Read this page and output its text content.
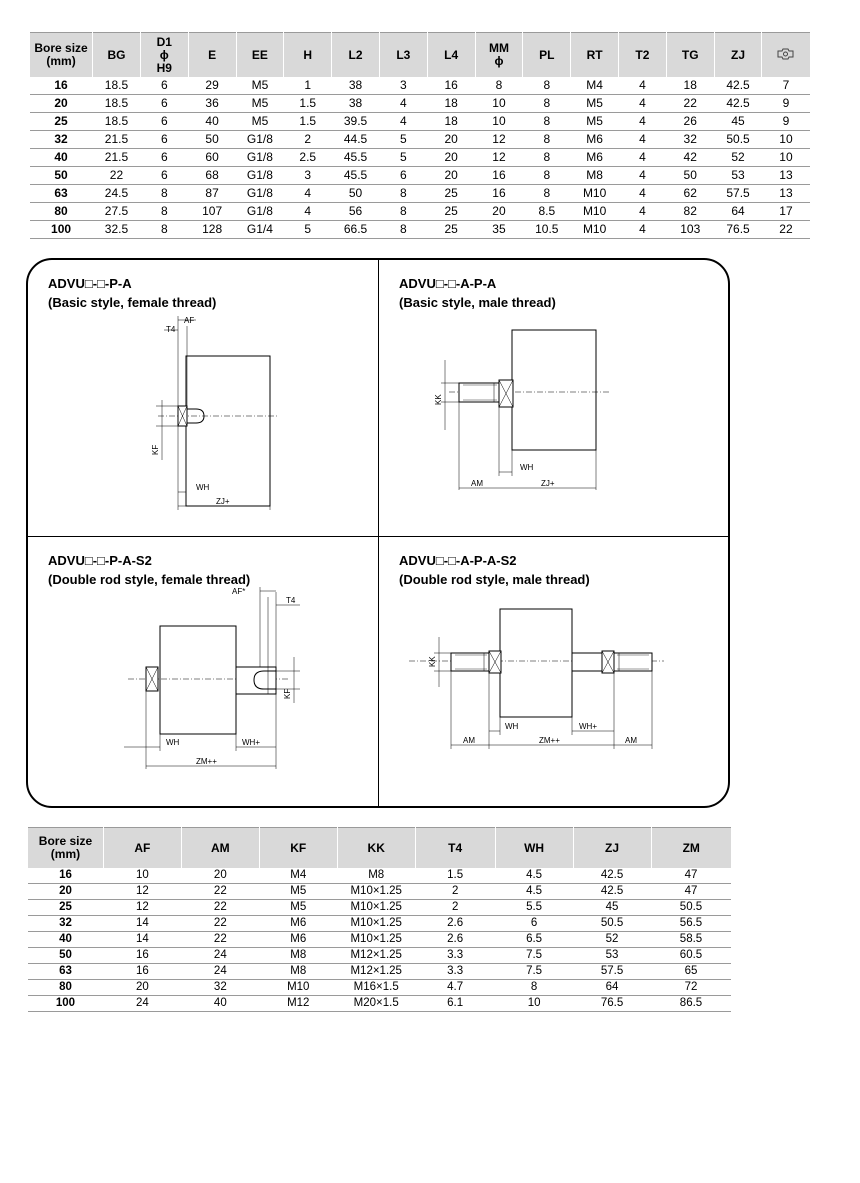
Bore size
(mm)	BG	D1
ϕ
H9	E	EE	H	L2	L3	L4	MM
ϕ	PL	RT	T2	TG	ZJ

16	18.5	6	29	M5	1	38	3	16	8	8	M4	4	18	42.5	7
20	18.5	6	36	M5	1.5	38	4	18	10	8	M5	4	22	42.5	9
25	18.5	6	40	M5	1.5	39.5	4	18	10	8	M5	4	26	45	9
32	21.5	6	50	G1/8	2	44.5	5	20	12	8	M6	4	32	50.5	10
40	21.5	6	60	G1/8	2.5	45.5	5	20	12	8	M6	4	42	52	10
50	22	6	68	G1/8	3	45.5	6	20	16	8	M8	4	50	53	13
63	24.5	8	87	G1/8	4	50	8	25	16	8	M10	4	62	57.5	13
80	27.5	8	107	G1/8	4	56	8	25	20	8.5	M10	4	82	64	17
100	32.5	8	128	G1/4	5	66.5	8	25	35	10.5	M10	4	103	76.5	22
T4
AF
KF
WH
ZJ+
ADVU□-□-P-A
(Basic style, female thread)
KK
WH
AM	ZJ+
ADVU□-□-A-P-A
(Basic style, male thread)
AF*
T4
KF
WH	WH+
ZM++
ADVU□-□-P-A-S2
(Double rod style, female thread)
KK
WH	WH+
AM	ZM++	AM
ADVU□-□-A-P-A-S2
(Double rod style, male thread)
Bore size
(mm)	AF	AM	KF	KK	T4	WH	ZJ	ZM

16	10	20	M4	M8	1.5	4.5	42.5	47
20	12	22	M5	M10×1.25	2	4.5	42.5	47
25	12	22	M5	M10×1.25	2	5.5	45	50.5
32	14	22	M6	M10×1.25	2.6	6	50.5	56.5
40	14	22	M6	M10×1.25	2.6	6.5	52	58.5
50	16	24	M8	M12×1.25	3.3	7.5	53	60.5
63	16	24	M8	M12×1.25	3.3	7.5	57.5	65
80	20	32	M10	M16×1.5	4.7	8	64	72
100	24	40	M12	M20×1.5	6.1	10	76.5	86.5
